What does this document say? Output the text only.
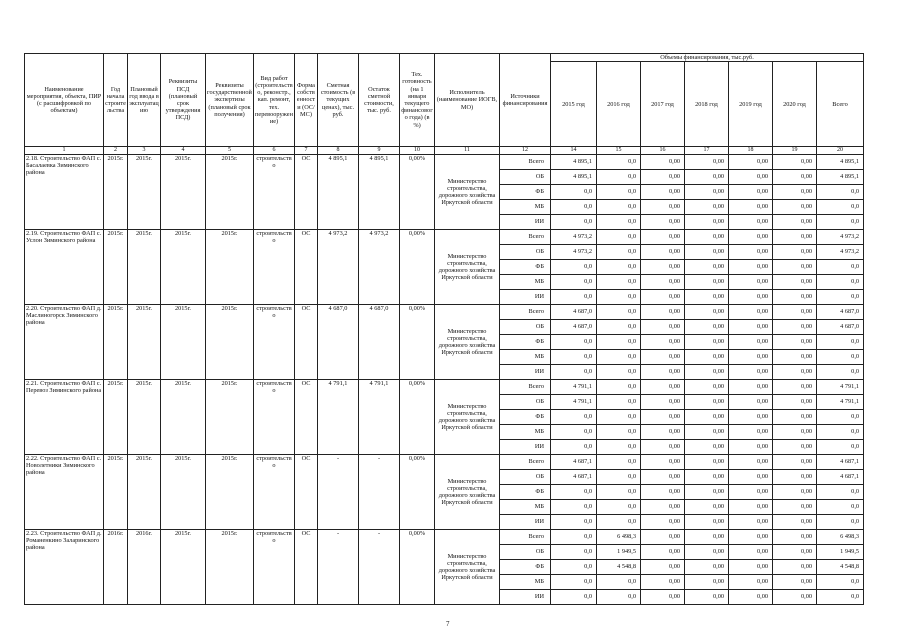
Наименование мероприятия, объекта, ПИР (с расшифровкой по объектам)	Год начала строительства	Плановый год ввода в эксплуатацию	Реквизиты ПСД (плановый срок утверждения ПСД)	Реквизиты государственной экспертизы (плановый срок получения)	Вид работ (строительство, реконстр., кап. ремонт, тех. перевооружение)	Форма собственности (ОС/МС)	Сметная стоимость (в текущих ценах), тыс. руб.	Остаток сметной стоимости, тыс. руб.	Тех. готовность (на 1 января текущего финансового года) (в %)	Исполнитель (наименование ИОГВ, МО)	Источники финансирования	Объемы финансирования, тыс.руб.						
												2015 год	2016 год	2017 год	2018 год	2019 год	2020 год	Всего
1	2	3	4	5	6	7	8	9	10	11	12	14	15	16	17	18	19	20
2.18. Строительство ФАП с. Басалаевка Зиминского района	2015г.	2015г.	2015г.	2015г.	строительство	ОС	4 895,1	4 895,1	0,00%	Министерство строительства, дорожного хозяйства Иркутской области	Всего	4 895,1	0,0	0,00	0,00	0,00	0,00	4 895,1
											ОБ	4 895,1	0,0	0,00	0,00	0,00	0,00	4 895,1
											ФБ	0,0	0,0	0,00	0,00	0,00	0,00	0,0
											МБ	0,0	0,0	0,00	0,00	0,00	0,00	0,0
											ИИ	0,0	0,0	0,00	0,00	0,00	0,00	0,0
2.19. Строительство ФАП с. Услон Зиминского района	2015г.	2015г.	2015г.	2015г.	строительство	ОС	4 973,2	4 973,2	0,00%	Министерство строительства, дорожного хозяйства Иркутской области	Всего	4 973,2	0,0	0,00	0,00	0,00	0,00	4 973,2
											ОБ	4 973,2	0,0	0,00	0,00	0,00	0,00	4 973,2
											ФБ	0,0	0,0	0,00	0,00	0,00	0,00	0,0
											МБ	0,0	0,0	0,00	0,00	0,00	0,00	0,0
											ИИ	0,0	0,0	0,00	0,00	0,00	0,00	0,0
2.20. Строительство ФАП д. Маслиногорск Зиминского района	2015г.	2015г.	2015г.	2015г.	строительство	ОС	4 687,0	4 687,0	0,00%	Министерство строительства, дорожного хозяйства Иркутской области	Всего	4 687,0	0,0	0,00	0,00	0,00	0,00	4 687,0
											ОБ	4 687,0	0,0	0,00	0,00	0,00	0,00	4 687,0
											ФБ	0,0	0,0	0,00	0,00	0,00	0,00	0,0
											МБ	0,0	0,0	0,00	0,00	0,00	0,00	0,0
											ИИ	0,0	0,0	0,00	0,00	0,00	0,00	0,0
2.21. Строительство ФАП с. Перевоз Зиминского района	2015г.	2015г.	2015г.	2015г.	строительство	ОС	4 791,1	4 791,1	0,00%	Министерство строительства, дорожного хозяйства Иркутской области	Всего	4 791,1	0,0	0,00	0,00	0,00	0,00	4 791,1
											ОБ	4 791,1	0,0	0,00	0,00	0,00	0,00	4 791,1
											ФБ	0,0	0,0	0,00	0,00	0,00	0,00	0,0
											МБ	0,0	0,0	0,00	0,00	0,00	0,00	0,0
											ИИ	0,0	0,0	0,00	0,00	0,00	0,00	0,0
2.22. Строительство ФАП с. Новолетники Зиминского района	2015г.	2015г.	2015г.	2015г.	строительство	ОС	-	-	0,00%	Министерство строительства, дорожного хозяйства Иркутской области	Всего	4 687,1	0,0	0,00	0,00	0,00	0,00	4 687,1
											ОБ	4 687,1	0,0	0,00	0,00	0,00	0,00	4 687,1
											ФБ	0,0	0,0	0,00	0,00	0,00	0,00	0,0
											МБ	0,0	0,0	0,00	0,00	0,00	0,00	0,0
											ИИ	0,0	0,0	0,00	0,00	0,00	0,00	0,0
2.23. Строительство ФАП д. Романенкино Заларинского района	2016г.	2016г.	2015г.	2015г.	строительство	ОС	-	-	0,00%	Министерство строительства, дорожного хозяйства Иркутской области	Всего	0,0	6 498,3	0,00	0,00	0,00	0,00	6 498,3
											ОБ	0,0	1 949,5	0,00	0,00	0,00	0,00	1 949,5
											ФБ	0,0	4 548,8	0,00	0,00	0,00	0,00	4 548,8
											МБ	0,0	0,0	0,00	0,00	0,00	0,00	0,0
											ИИ	0,0	0,0	0,00	0,00	0,00	0,00	0,0
7
